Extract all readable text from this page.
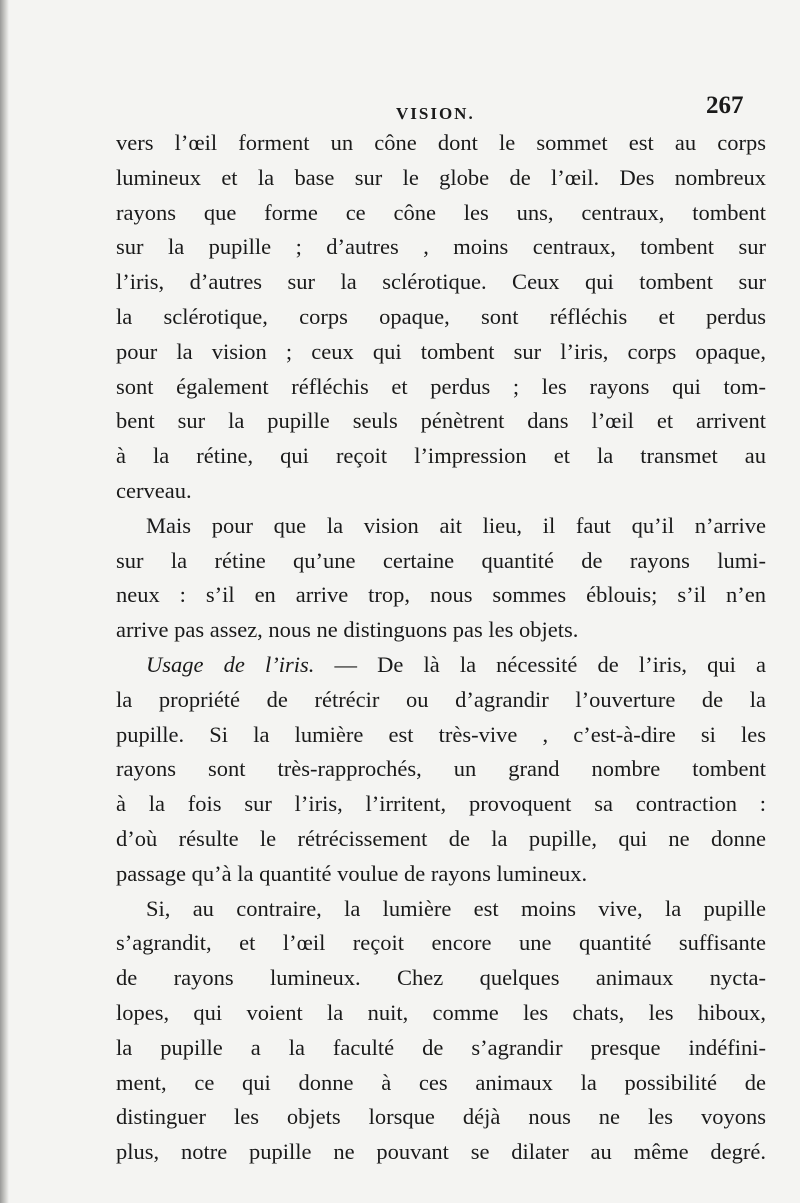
VISION.	267
vers l’œil forment un cône dont le sommet est au corps
lumineux et la base sur le globe de l’œil. Des nombreux
rayons que forme ce cône les uns, centraux, tombent
sur la pupille ; d’autres , moins centraux, tombent sur
l’iris, d’autres sur la sclérotique. Ceux qui tombent sur
la sclérotique, corps opaque, sont réfléchis et perdus
pour la vision ; ceux qui tombent sur l’iris, corps opaque,
sont également réfléchis et perdus ; les rayons qui tom-
bent sur la pupille seuls pénètrent dans l’œil et arrivent
à la rétine, qui reçoit l’impression et la transmet au
cerveau.
Mais pour que la vision ait lieu, il faut qu’il n’arrive
sur la rétine qu’une certaine quantité de rayons lumi-
neux : s’il en arrive trop, nous sommes éblouis; s’il n’en
arrive pas assez, nous ne distinguons pas les objets.
Usage de l’iris. — De là la nécessité de l’iris, qui a
la propriété de rétrécir ou d’agrandir l’ouverture de la
pupille. Si la lumière est très-vive , c’est-à-dire si les
rayons sont très-rapprochés, un grand nombre tombent
à la fois sur l’iris, l’irritent, provoquent sa contraction :
d’où résulte le rétrécissement de la pupille, qui ne donne
passage qu’à la quantité voulue de rayons lumineux.
Si, au contraire, la lumière est moins vive, la pupille
s’agrandit, et l’œil reçoit encore une quantité suffisante
de rayons lumineux. Chez quelques animaux nycta-
lopes, qui voient la nuit, comme les chats, les hiboux,
la pupille a la faculté de s’agrandir presque indéfini-
ment, ce qui donne à ces animaux la possibilité de
distinguer les objets lorsque déjà nous ne les voyons
plus, notre pupille ne pouvant se dilater au même degré.
